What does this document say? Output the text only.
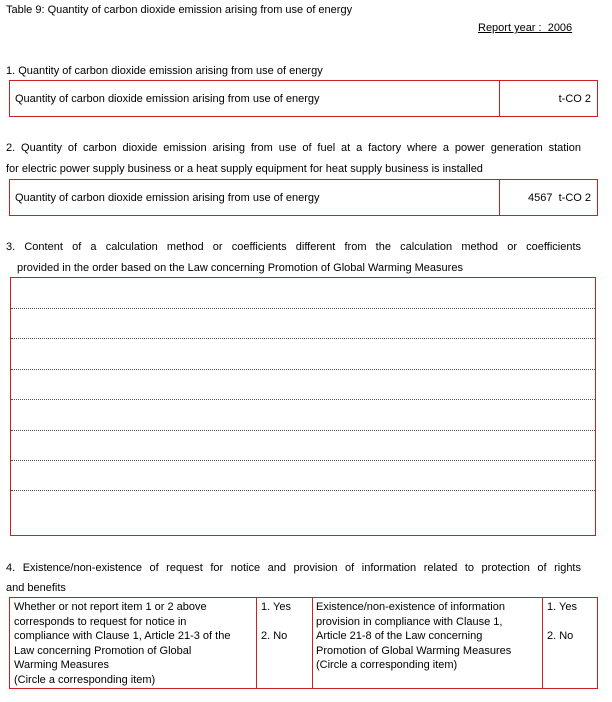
Table 9: Quantity of carbon dioxide emission arising from use of energy
Report year :  2006
1. Quantity of carbon dioxide emission arising from use of energy
Quantity of carbon dioxide emission arising from use of energy
	t-CO 2
2. Quantity of carbon dioxide emission arising from use of fuel at a factory where a power generation station
for electric power supply business or a heat supply equipment for heat supply business is installed
Quantity of carbon dioxide emission arising from use of energy	4567
t-CO 2
3. Content of a calculation method or coefficients different from the calculation method or coefficients
provided in the order based on the Law concerning Promotion of Global Warming Measures
4. Existence/non-existence of request for notice and provision of information related to protection of rights
and benefits
Whether or not report item 1 or 2 above
corresponds to request for notice in
compliance with Clause 1, Article 21-3 of the
Law concerning Promotion of Global
Warming Measures
(Circle a corresponding item)
1. Yes
2. No
Existence/non-existence of information
provision in compliance with Clause 1,
Article 21-8 of the Law concerning
Promotion of Global Warming Measures
(Circle a corresponding item)
1. Yes
2. No
